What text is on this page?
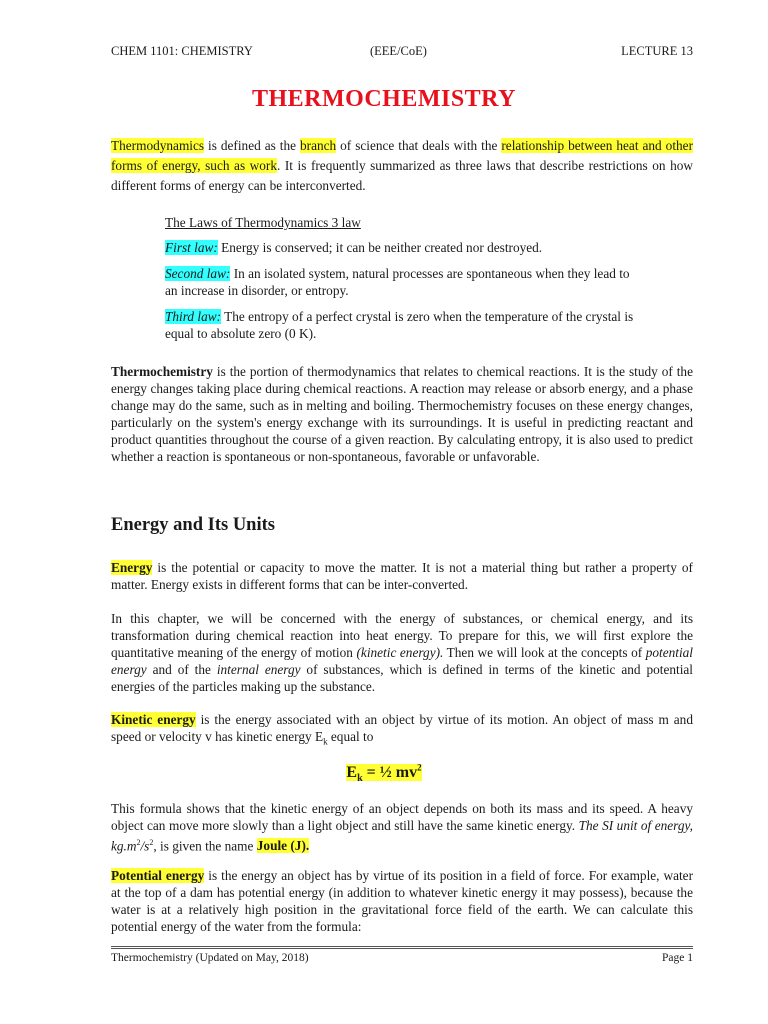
CHEM 1101: CHEMISTRY	(EEE/CoE)	LECTURE 13
THERMOCHEMISTRY

Thermodynamics is defined as the branch of science that deals with the relationship between heat and other forms of energy, such as work. It is frequently summarized as three laws that describe restrictions on how different forms of energy can be interconverted.

The Laws of Thermodynamics 3 law
First law: Energy is conserved; it can be neither created nor destroyed.
Second law: In an isolated system, natural processes are spontaneous when they lead to an increase in disorder, or entropy.
Third law: The entropy of a perfect crystal is zero when the temperature of the crystal is equal to absolute zero (0 K).

Thermochemistry is the portion of thermodynamics that relates to chemical reactions. It is the study of the energy changes taking place during chemical reactions. A reaction may release or absorb energy, and a phase change may do the same, such as in melting and boiling. Thermochemistry focuses on these energy changes, particularly on the system's energy exchange with its surroundings. It is useful in predicting reactant and product quantities throughout the course of a given reaction. By calculating entropy, it is also used to predict whether a reaction is spontaneous or non-spontaneous, favorable or unfavorable.

Energy and Its Units

Energy is the potential or capacity to move the matter. It is not a material thing but rather a property of matter. Energy exists in different forms that can be inter-converted.

In this chapter, we will be concerned with the energy of substances, or chemical energy, and its transformation during chemical reaction into heat energy. To prepare for this, we will first explore the quantitative meaning of the energy of motion (kinetic energy). Then we will look at the concepts of potential energy and of the internal energy of substances, which is defined in terms of the kinetic and potential energies of the particles making up the substance.

Kinetic energy is the energy associated with an object by virtue of its motion. An object of mass m and speed or velocity v has kinetic energy $E_k$ equal to

$E_k$ = ½ $mv^2$

This formula shows that the kinetic energy of an object depends on both its mass and its speed. A heavy object can move more slowly than a light object and still have the same kinetic energy. The SI unit of energy, $kg.m^2/s^2$, is given the name Joule (J).

Potential energy is the energy an object has by virtue of its position in a field of force. For example, water at the top of a dam has potential energy (in addition to whatever kinetic energy it may possess), because the water is at a relatively high position in the gravitational force field of the earth. We can calculate this potential energy of the water from the formula:

Thermochemistry (Updated on May, 2018)	Page 1
